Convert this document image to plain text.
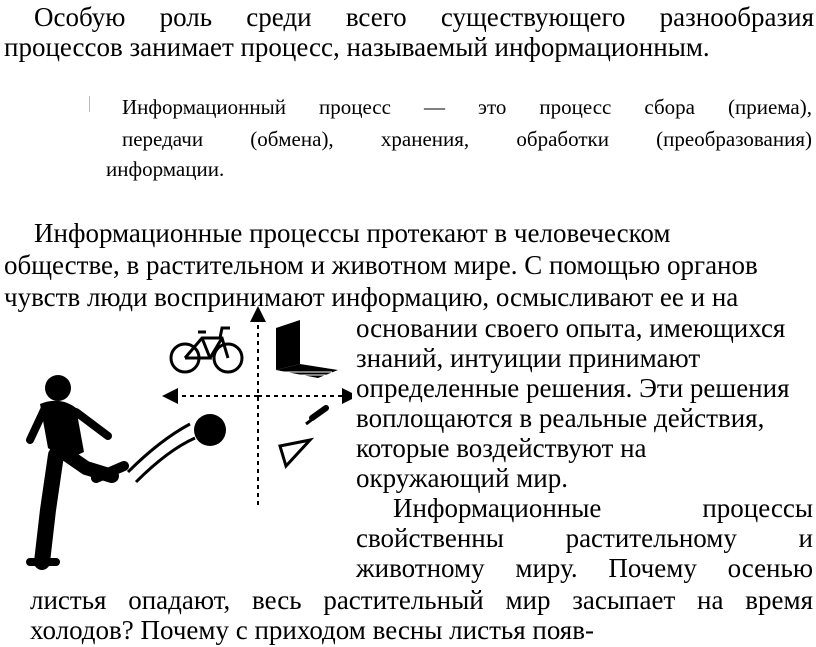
Особую роль среди всего существующего разнообразия
процессов занимает процесс, называемый информационным.
Информационный процесс — это процесс сбора (приема),
передачи (обмена), хранения, обработки (преобразования)
информации.
Информационные процессы протекают в человеческом
обществе, в растительном и животном мире. С помощью органов
чувств люди воспринимают информацию, осмысливают ее и на
основании своего опыта, имеющихся
знаний, интуиции принимают
определенные решения. Эти решения
воплощаются в реальные действия,
которые воздействуют на
окружающий мир.
Информационные процессы
свойственны растительному и
животному миру. Почему осенью
листья опадают, весь растительный мир засыпает на время
холодов? Почему с приходом весны листья появ-
